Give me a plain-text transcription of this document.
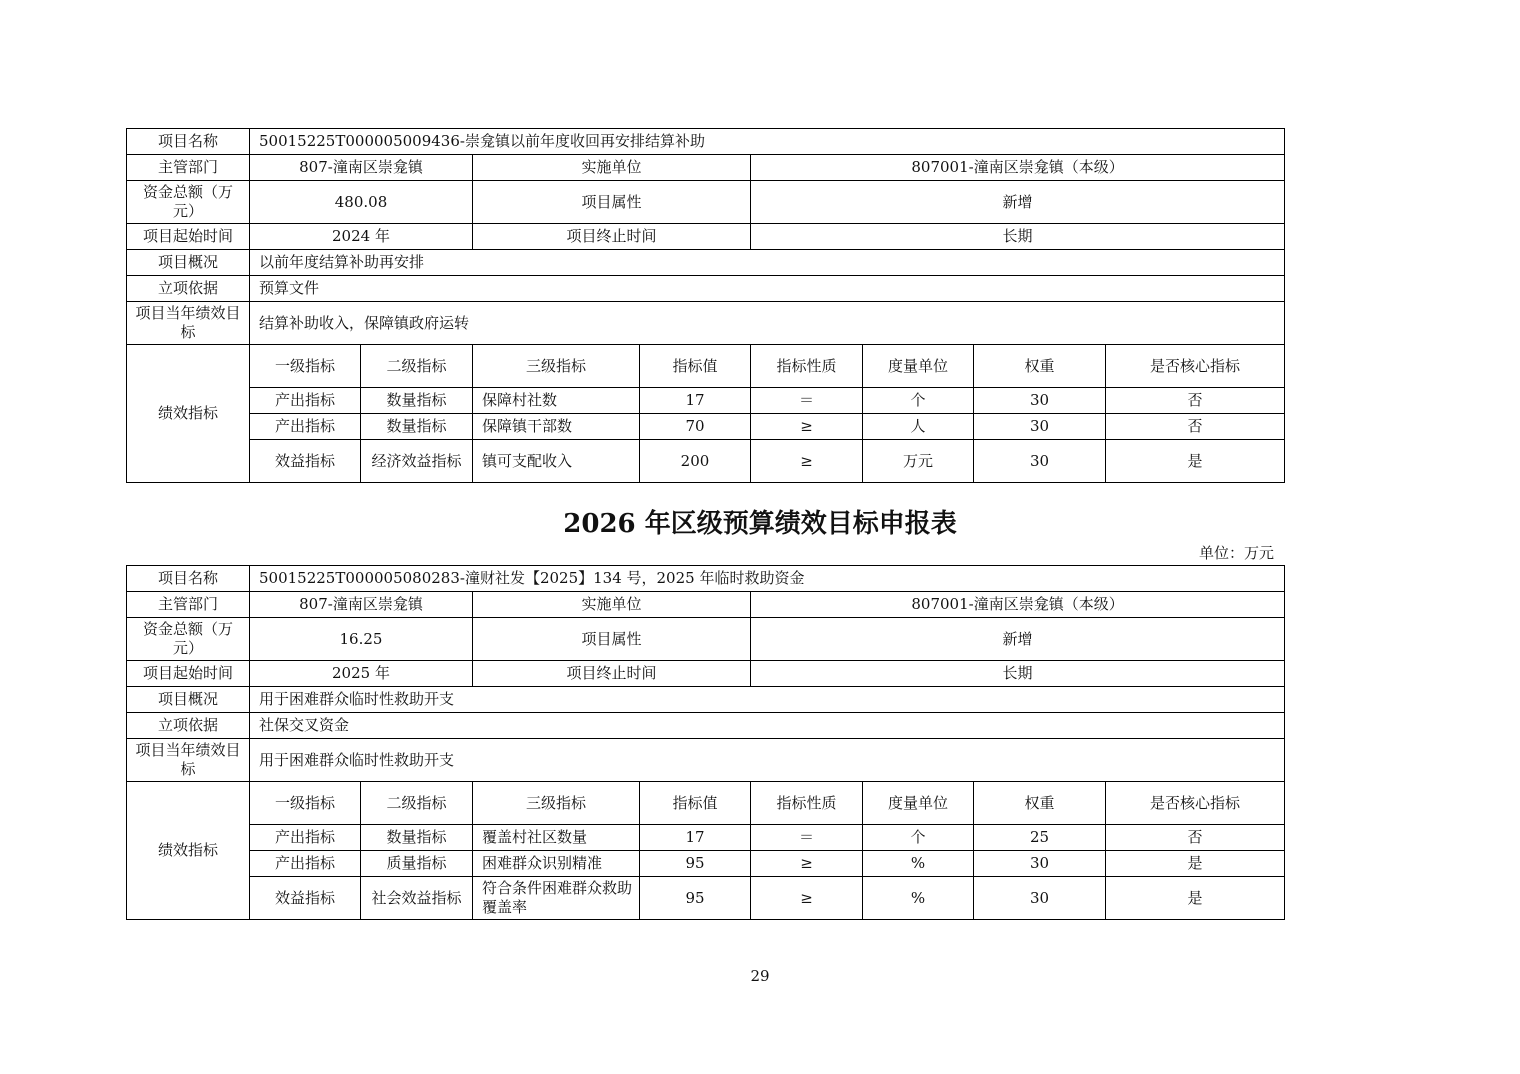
项目名称	50015225T000005009436-崇龛镇以前年度收回再安排结算补助							
主管部门	807-潼南区崇龛镇		实施单位		807001-潼南区崇龛镇（本级）			
资金总额（万元）	480.08		项目属性		新增			
项目起始时间	2024 年		项目终止时间		长期			
项目概况	以前年度结算补助再安排							
立项依据	预算文件							
项目当年绩效目标	结算补助收入，保障镇政府运转							
绩效指标	一级指标	二级指标	三级指标	指标值	指标性质	度量单位	权重	是否核心指标
	产出指标	数量指标	保障村社数	17	＝	个	30	否
	产出指标	数量指标	保障镇干部数	70	≥	人	30	否
	效益指标	经济效益指标	镇可支配收入	200	≥	万元	30	是
2026 年区级预算绩效目标申报表
单位：万元
项目名称	50015225T000005080283-潼财社发【2025】134 号，2025 年临时救助资金							
主管部门	807-潼南区崇龛镇		实施单位		807001-潼南区崇龛镇（本级）			
资金总额（万元）	16.25		项目属性		新增			
项目起始时间	2025 年		项目终止时间		长期			
项目概况	用于困难群众临时性救助开支							
立项依据	社保交叉资金							
项目当年绩效目标	用于困难群众临时性救助开支							
绩效指标	一级指标	二级指标	三级指标	指标值	指标性质	度量单位	权重	是否核心指标
	产出指标	数量指标	覆盖村社区数量	17	＝	个	25	否
	产出指标	质量指标	困难群众识别精准	95	≥	%	30	是
	效益指标	社会效益指标	符合条件困难群众救助覆盖率	95	≥	%	30	是
29
